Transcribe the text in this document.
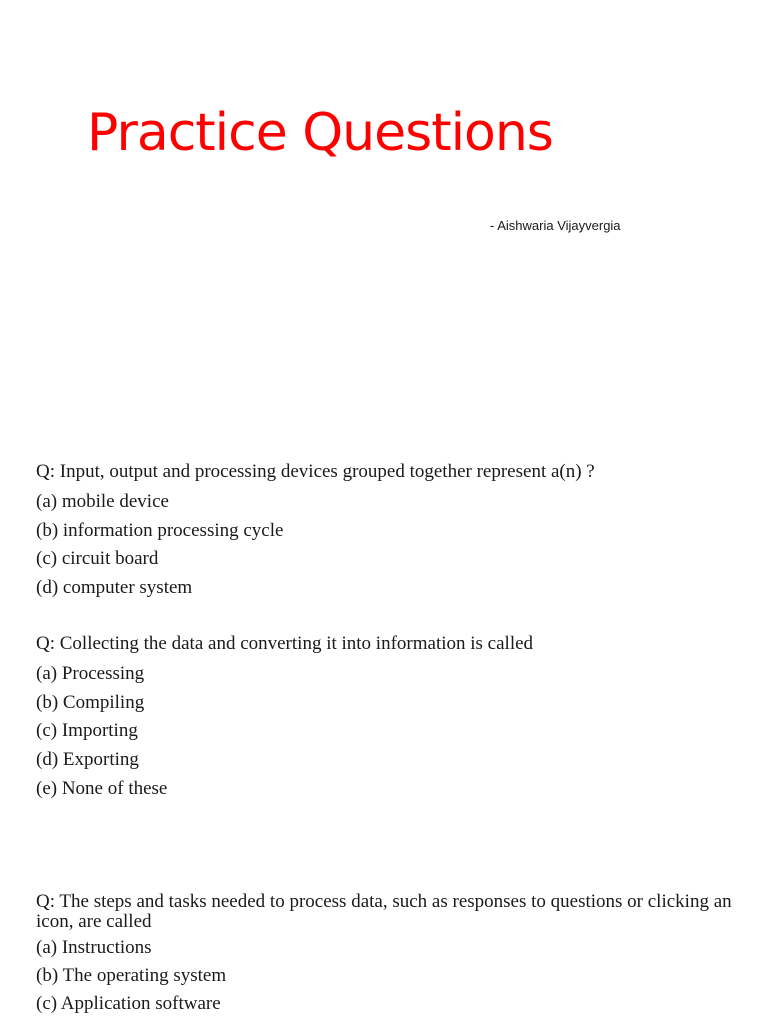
Practice Questions
- Aishwaria Vijayvergia

Q: Input, output and processing devices grouped together represent a(n) ?

(a) mobile device

(b) information processing cycle

(c) circuit board

(d) computer system

Q: Collecting the data and converting it into information is called

(a) Processing

(b) Compiling

(c) Importing

(d) Exporting

(e) None of these

Q: The steps and tasks needed to process data, such as responses to questions or clicking an icon, are called

(a) Instructions

(b) The operating system

(c) Application software
